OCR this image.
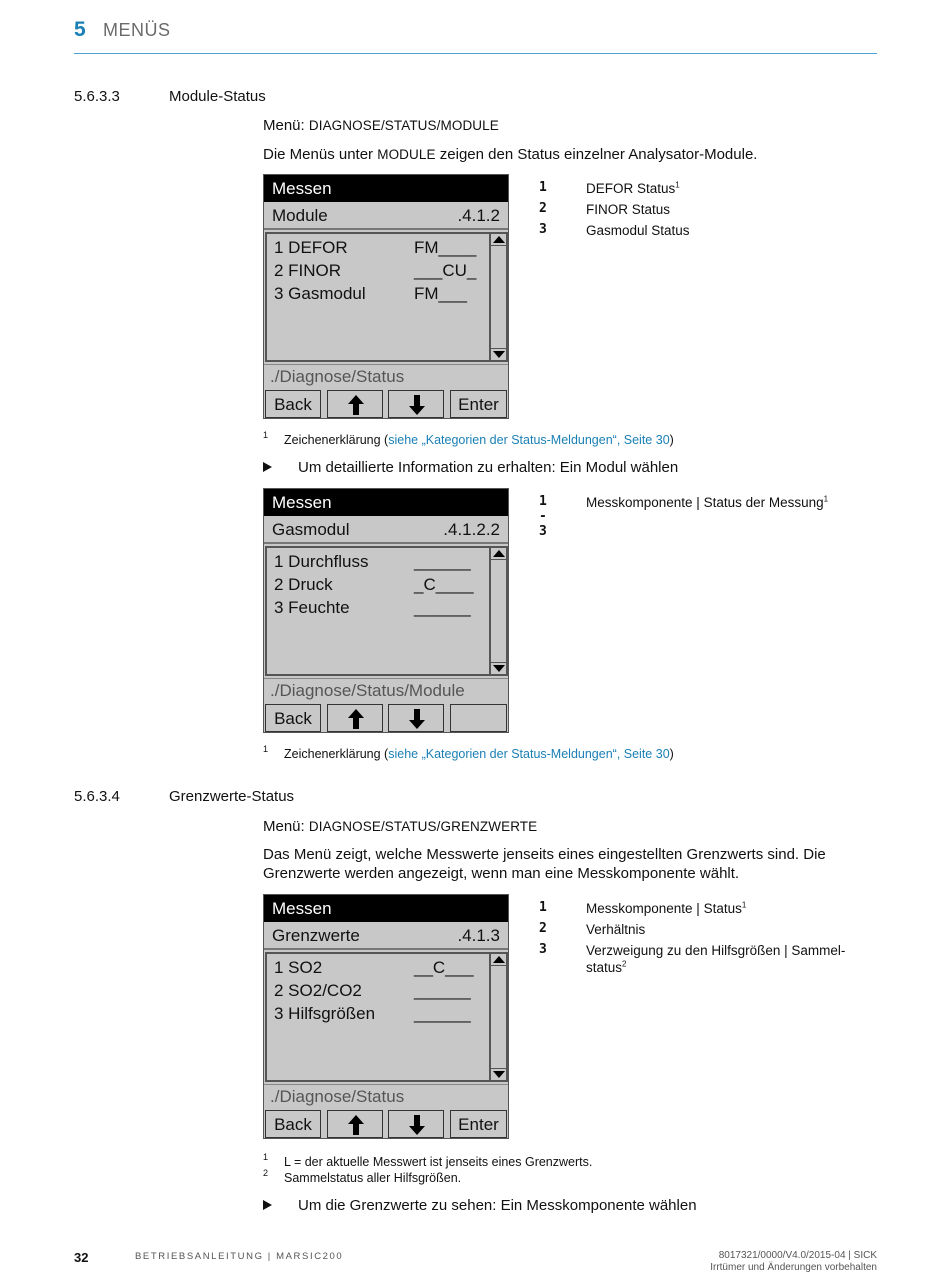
5 MENÜS
5.6.3.3	Module-Status
Menü: DIAGNOSE/STATUS/MODULE
Die Menüs unter MODULE zeigen den Status einzelner Analysator-Module.
Messen
Module	.4.1.2
1 DEFOR	FM____
2 FINOR	___CU_
3 Gasmodul	FM___
./Diagnose/Status
Back	Enter
1	DEFOR Status$^1$
2	FINOR Status
3	Gasmodul Status
1 Zeichenerklärung (siehe „Kategorien der Status-Meldungen“, Seite 30)
Um detaillierte Information zu erhalten: Ein Modul wählen
Messen
Gasmodul	.4.1.2.2
1 Durchfluss	______
2 Druck	_C____
3 Feuchte	______
./Diagnose/Status/Module
Back
1 - 3
Messkomponente | Status der Messung$^1$
1 Zeichenerklärung (siehe „Kategorien der Status-Meldungen“, Seite 30)
5.6.3.4	Grenzwerte-Status
Menü: DIAGNOSE/STATUS/GRENZWERTE
Das Menü zeigt, welche Messwerte jenseits eines eingestellten Grenzwerts sind. Die
Grenzwerte werden angezeigt, wenn man eine Messkomponente wählt.
Messen
Grenzwerte	.4.1.3
1 SO2	__C___
2 SO2/CO2	______
3 Hilfsgrößen ______
./Diagnose/Status
Back	Enter
1	Messkomponente | Status$^1$
2	Verhältnis
3	Verzweigung zu den Hilfsgrößen | Sammel-
status$^2$
1 L = der aktuelle Messwert ist jenseits eines Grenzwerts.
2 Sammelstatus aller Hilfsgrößen.
Um die Grenzwerte zu sehen: Ein Messkomponente wählen
32	BETRIEBSANLEITUNG | MARSIC200	8017321/0000/V4.0/2015-04 | SICK
Irrtümer und Änderungen vorbehalten
